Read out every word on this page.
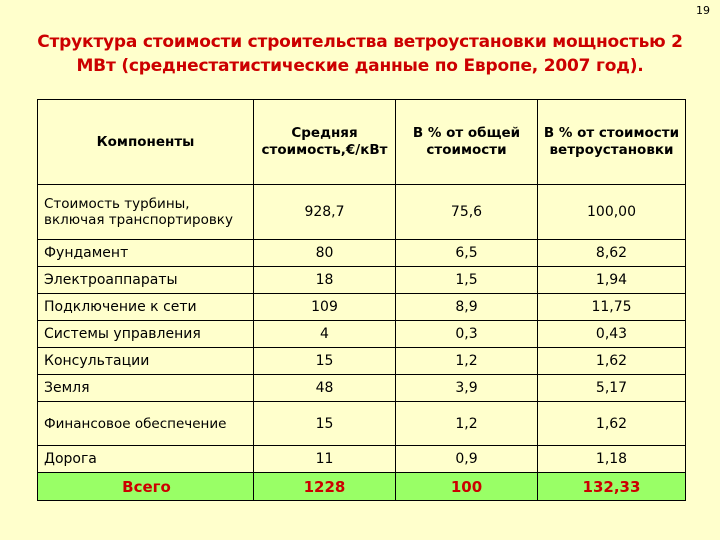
19
Структура стоимости строительства ветроустановки мощностью 2
МВт (среднестатистические данные по Европе, 2007 год).
Компоненты	Средняя стоимость,€/кВт	В % от общей стоимости	В % от стоимости ветроустановки
Стоимость турбины, включая транспортировку	928,7	75,6	100,00
Фундамент	80	6,5	8,62
Электроаппараты	18	1,5	1,94
Подключение к сети	109	8,9	11,75
Системы управления	4	0,3	0,43
Консультации	15	1,2	1,62
Земля	48	3,9	5,17
Финансовое обеспечение	15	1,2	1,62
Дорога	11	0,9	1,18
Всего	1228	100	132,33
